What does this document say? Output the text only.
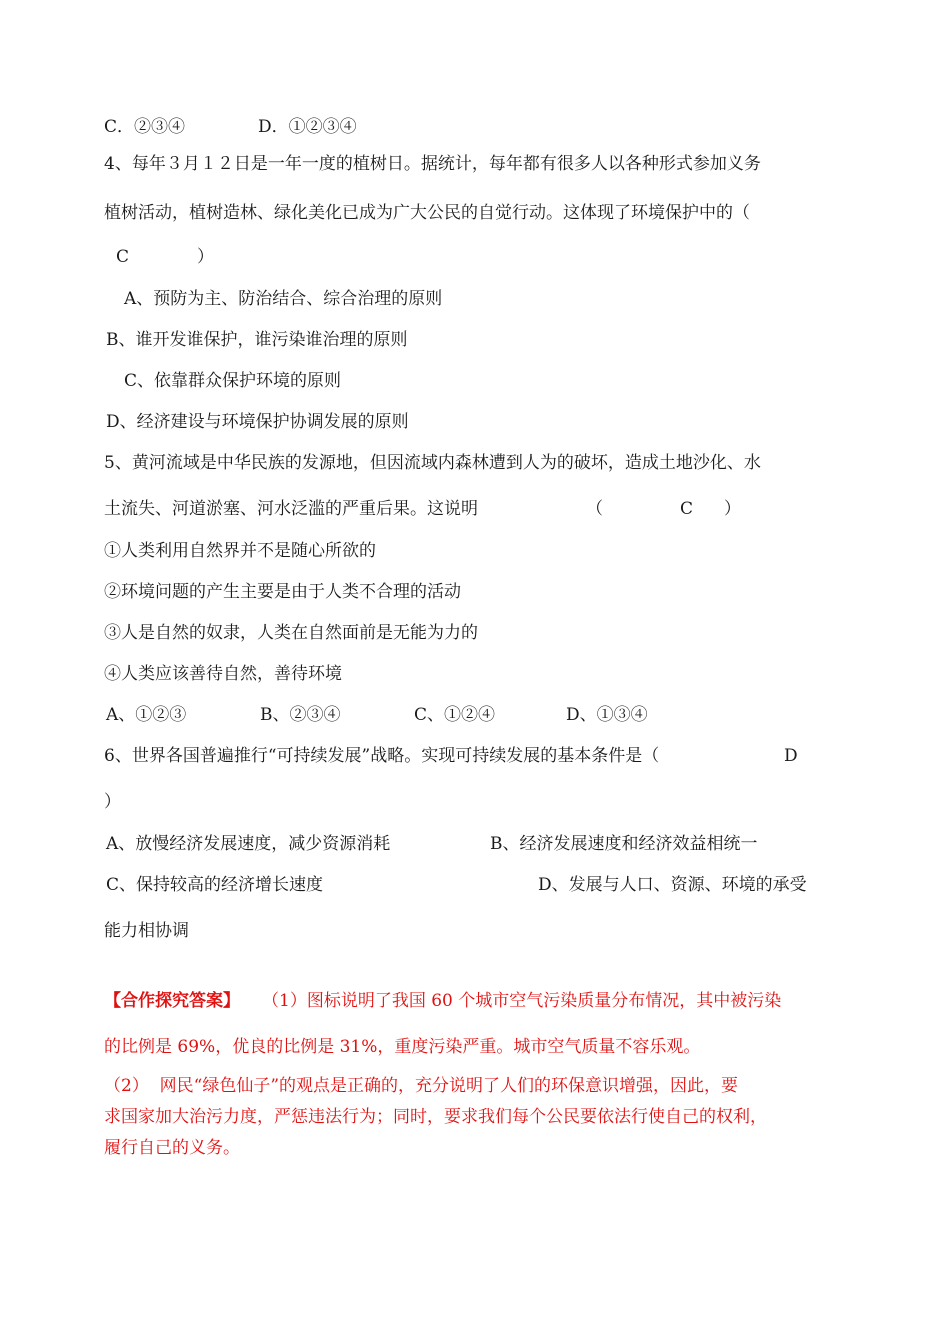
C．②③④	D．①②③④
4、每年３月１２日是一年一度的植树日。据统计，每年都有很多人以各种形式参加义务
植树活动，植树造林、绿化美化已成为广大公民的自觉行动。这体现了环境保护中的（
C　　　　）
A、预防为主、防治结合、综合治理的原则
B、谁开发谁保护，谁污染谁治理的原则
C、依靠群众保护环境的原则
D、经济建设与环境保护协调发展的原则
5、黄河流域是中华民族的发源地，但因流域内森林遭到人为的破坏，造成土地沙化、水
土流失、河道淤塞、河水泛滥的严重后果。这说明	（	C ）
①人类利用自然界并不是随心所欲的
②环境问题的产生主要是由于人类不合理的活动
③人是自然的奴隶，人类在自然面前是无能为力的
④人类应该善待自然，善待环境
A、①②③	B、②③④	C、①②④	D、①③④
6、世界各国普遍推行“可持续发展”战略。实现可持续发展的基本条件是（	D
）
A、放慢经济发展速度，减少资源消耗	B、经济发展速度和经济效益相统一
C、保持较高的经济增长速度	D、发展与人口、资源、环境的承受
能力相协调
【合作探究答案】 （1）图标说明了我国 60 个城市空气污染质量分布情况，其中被污染
的比例是 69%，优良的比例是 31%，重度污染严重。城市空气质量不容乐观。
（2）  网民“绿色仙子”的观点是正确的，充分说明了人们的环保意识增强，因此，要
求国家加大治污力度，严惩违法行为；同时，要求我们每个公民要依法行使自己的权利，
履行自己的义务。
